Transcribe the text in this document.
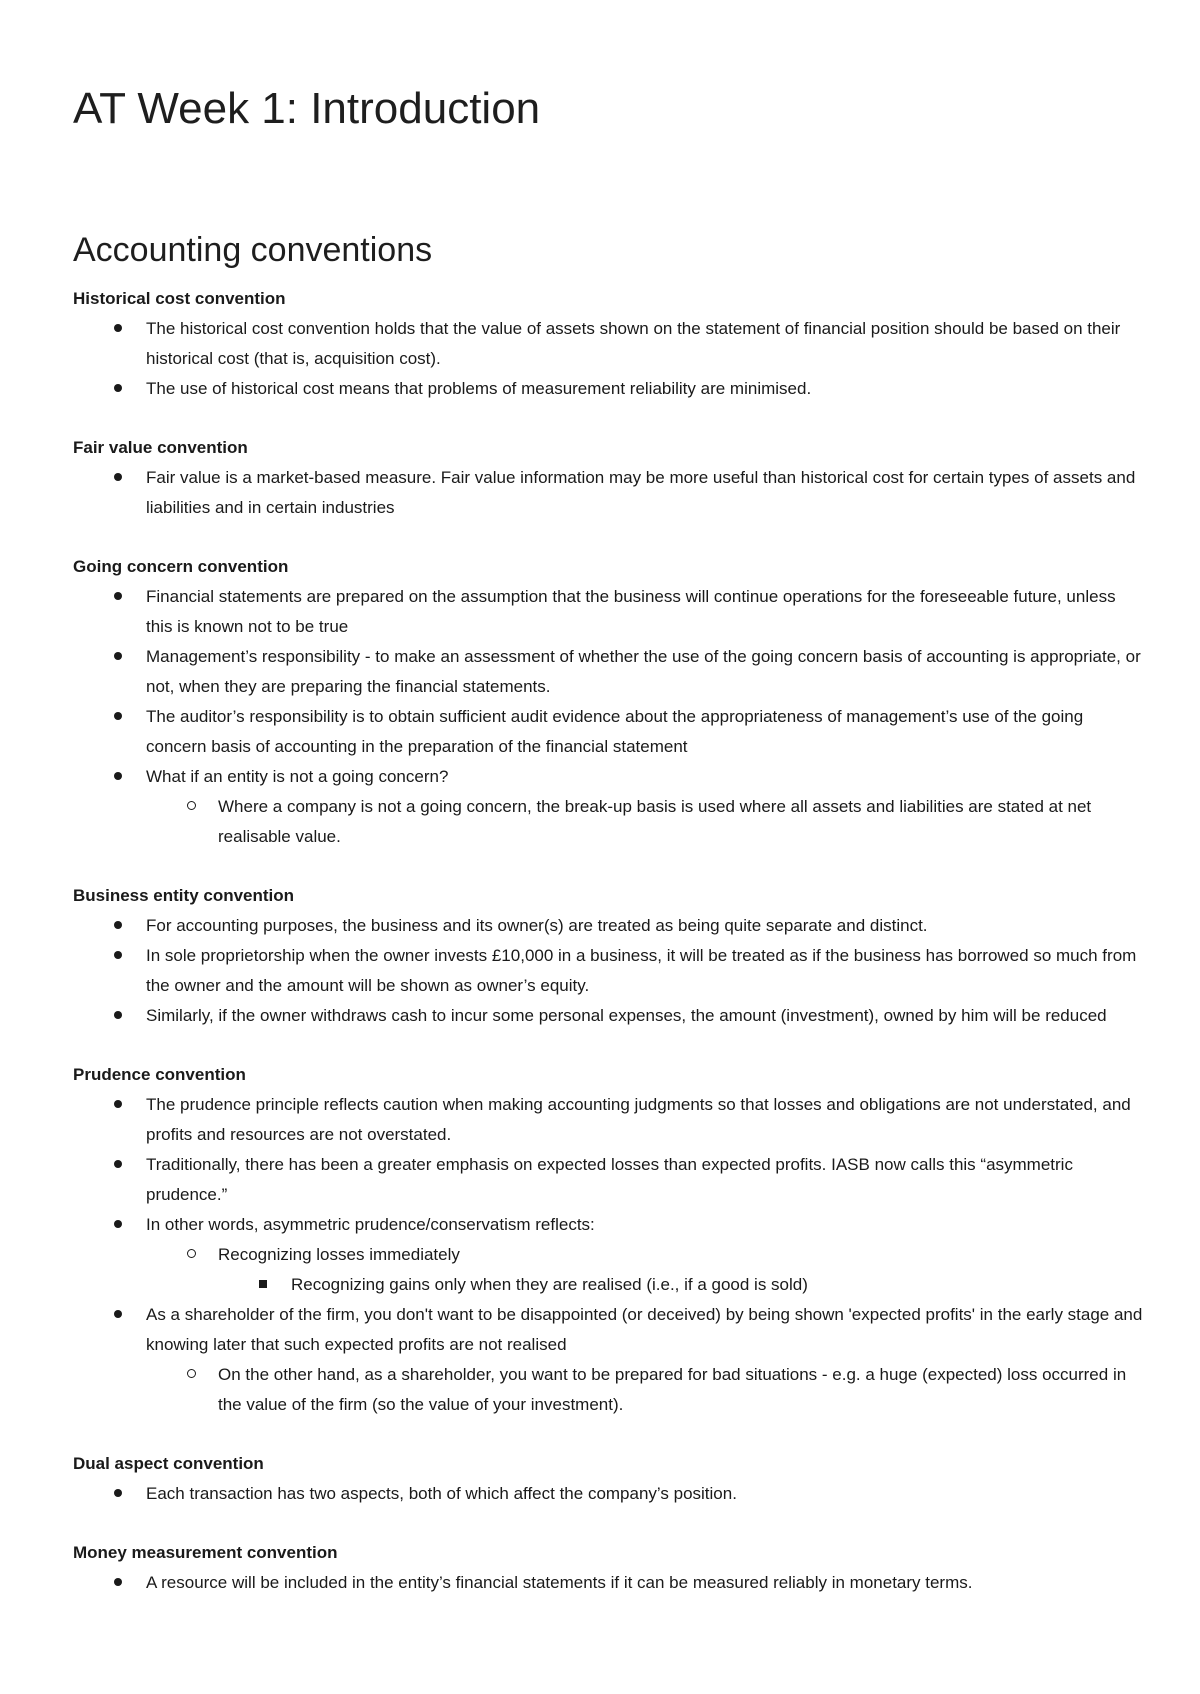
AT Week 1: Introduction
Accounting conventions
Historical cost convention
The historical cost convention holds that the value of assets shown on the statement of financial position should be based on their historical cost (that is, acquisition cost).
The use of historical cost means that problems of measurement reliability are minimised.
Fair value convention
Fair value is a market-based measure. Fair value information may be more useful than historical cost for certain types of assets and liabilities and in certain industries
Going concern convention
Financial statements are prepared on the assumption that the business will continue operations for the foreseeable future, unless this is known not to be true
Management’s responsibility - to make an assessment of whether the use of the going concern basis of accounting is appropriate, or not, when they are preparing the financial statements.
The auditor’s responsibility is to obtain sufficient audit evidence about the appropriateness of management’s use of the going concern basis of accounting in the preparation of the financial statement
What if an entity is not a going concern?
Where a company is not a going concern, the break-up basis is used where all assets and liabilities are stated at net realisable value.
Business entity convention
For accounting purposes, the business and its owner(s) are treated as being quite separate and distinct.
In sole proprietorship when the owner invests £10,000 in a business, it will be treated as if the business has borrowed so much from the owner and the amount will be shown as owner’s equity.
Similarly, if the owner withdraws cash to incur some personal expenses, the amount (investment), owned by him will be reduced
Prudence convention
The prudence principle reflects caution when making accounting judgments so that losses and obligations are not understated, and profits and resources are not overstated.
Traditionally, there has been a greater emphasis on expected losses than expected profits. IASB now calls this “asymmetric prudence.”
In other words, asymmetric prudence/conservatism reflects:
Recognizing losses immediately
Recognizing gains only when they are realised (i.e., if a good is sold)
As a shareholder of the firm, you don't want to be disappointed (or deceived) by being shown 'expected profits' in the early stage and knowing later that such expected profits are not realised
On the other hand, as a shareholder, you want to be prepared for bad situations - e.g. a huge (expected) loss occurred in the value of the firm (so the value of your investment).
Dual aspect convention
Each transaction has two aspects, both of which affect the company’s position.
Money measurement convention
A resource will be included in the entity’s financial statements if it can be measured reliably in monetary terms.
